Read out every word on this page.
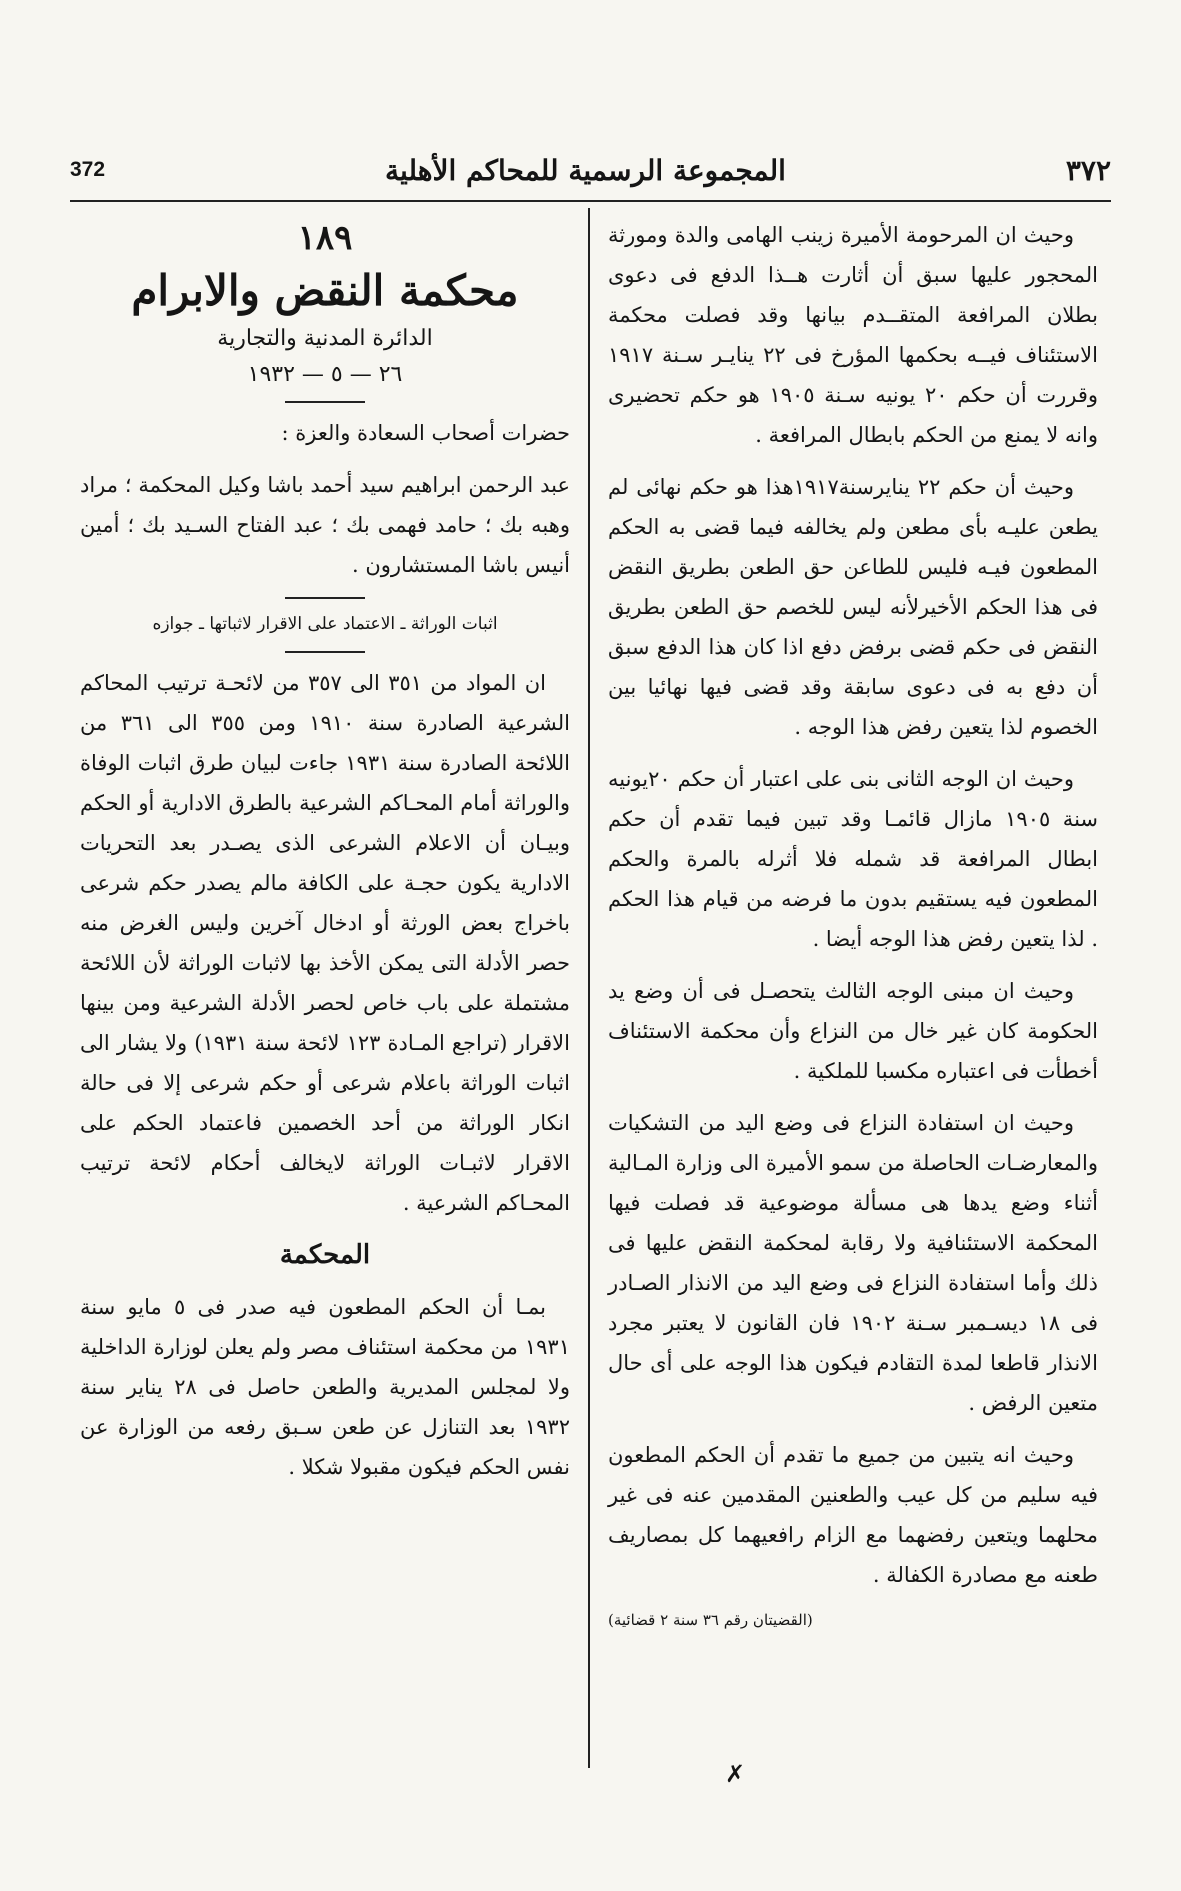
372	المجموعة الرسمية للمحاكم الأهلية	٣٧٢

وحيث ان المرحومة الأميرة زينب الهامى والدة ومورثة المحجور عليها سبق أن أثارت هــذا الدفع فى دعوى بطلان المرافعة المتقــدم بيانها وقد فصلت محكمة الاستئناف فيــه بحكمها المؤرخ فى ٢٢ ينايـر سـنة ١٩١٧ وقررت أن حكم ٢٠ يونيه سـنة ١٩٠٥ هو حكم تحضيرى وانه لا يمنع من الحكم بابطال المرافعة .

وحيث أن حكم ٢٢ ينايرسنة١٩١٧هذا هو حكم نهائى لم يطعن عليـه بأى مطعن ولم يخالفه فيما قضى به الحكم المطعون فيـه فليس للطاعن حق الطعن بطريق النقض فى هذا الحكم الأخيرلأنه ليس للخصم حق الطعن بطريق النقض فى حكم قضى برفض دفع اذا كان هذا الدفع سبق أن دفع به فى دعوى سابقة وقد قضى فيها نهائيا بين الخصوم لذا يتعين رفض هذا الوجه .

وحيث ان الوجه الثانى بنى على اعتبار أن حكم ٢٠يونيه سنة ١٩٠٥ مازال قائمـا وقد تبين فيما تقدم أن حكم ابطال المرافعة قد شمله فلا أثرله بالمرة والحكم المطعون فيه يستقيم بدون ما فرضه من قيام هذا الحكم . لذا يتعين رفض هذا الوجه أيضا .

وحيث ان مبنى الوجه الثالث يتحصـل فى أن وضع يد الحكومة كان غير خال من النزاع وأن محكمة الاستئناف أخطأت فى اعتباره مكسبا للملكية .

وحيث ان استفادة النزاع فى وضع اليد من التشكيات والمعارضـات الحاصلة من سمو الأميرة الى وزارة المـالية أثناء وضع يدها هى مسألة موضوعية قد فصلت فيها المحكمة الاستئنافية ولا رقابة لمحكمة النقض عليها فى ذلك وأما استفادة النزاع فى وضع اليد من الانذار الصـادر فى ١٨ ديسـمبر سـنة ١٩٠٢ فان القانون لا يعتبر مجرد الانذار قاطعا لمدة التقادم فيكون هذا الوجه على أى حال متعين الرفض .

وحيث انه يتبين من جميع ما تقدم أن الحكم المطعون فيه سليم من كل عيب والطعنين المقدمين عنه فى غير محلهما ويتعين رفضهما مع الزام رافعيهما كل بمصاريف طعنه مع مصادرة الكفالة .

(القضيتان رقم ٣٦ سنة ٢ قضائية)

١٨٩
محكمة النقض والابرام
الدائرة المدنية والتجارية
٢٦ — ٥ — ١٩٣٢

حضرات أصحاب السعادة والعزة :

عبد الرحمن ابراهيم سيد أحمد باشا وكيل المحكمة ؛ مراد وهبه بك ؛ حامد فهمى بك ؛ عبد الفتاح السـيد بك ؛ أمين أنيس باشا المستشارون .

اثبات الوراثة ـ الاعتماد على الاقرار لاثباتها ـ جوازه

ان المواد من ٣٥١ الى ٣٥٧ من لائحـة ترتيب المحاكم الشرعية الصادرة سنة ١٩١٠ ومن ٣٥٥ الى ٣٦١ من اللائحة الصادرة سنة ١٩٣١ جاءت لبيان طرق اثبات الوفاة والوراثة أمام المحـاكم الشرعية بالطرق الادارية أو الحكم وبيـان أن الاعلام الشرعى الذى يصـدر بعد التحريات الادارية يكون حجـة على الكافة مالم يصدر حكم شرعى باخراج بعض الورثة أو ادخال آخرين وليس الغرض منه حصر الأدلة التى يمكن الأخذ بها لاثبات الوراثة لأن اللائحة مشتملة على باب خاص لحصر الأدلة الشرعية ومن بينها الاقرار (تراجع المـادة ١٢٣ لائحة سنة ١٩٣١) ولا يشار الى اثبات الوراثة باعلام شرعى أو حكم شرعى إلا فى حالة انكار الوراثة من أحد الخصمين فاعتماد الحكم على الاقرار لاثبـات الوراثة لايخالف أحكام لائحة ترتيب المحـاكم الشرعية .

المحكمة

بمـا أن الحكم المطعون فيه صدر فى ٥ مايو سنة ١٩٣١ من محكمة استئناف مصر ولم يعلن لوزارة الداخلية ولا لمجلس المديرية والطعن حاصل فى ٢٨ يناير سنة ١٩٣٢ بعد التنازل عن طعن سـبق رفعه من الوزارة عن نفس الحكم فيكون مقبولا شكلا .

✗
